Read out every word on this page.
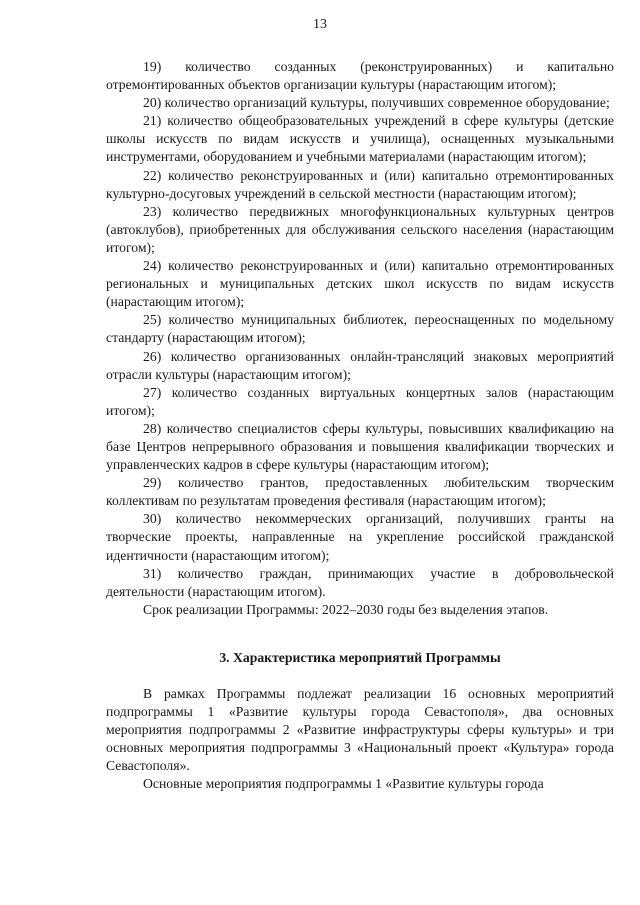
13

19) количество созданных (реконструированных) и капитально отремонтированных объектов организации культуры (нарастающим итогом);

20) количество организаций культуры, получивших современное оборудование;

21) количество общеобразовательных учреждений в сфере культуры (детские школы искусств по видам искусств и училища), оснащенных музыкальными инструментами, оборудованием и учебными материалами (нарастающим итогом);

22) количество реконструированных и (или) капитально отремонтированных культурно-досуговых учреждений в сельской местности (нарастающим итогом);

23) количество передвижных многофункциональных культурных центров (автоклубов), приобретенных для обслуживания сельского населения (нарастающим итогом);

24) количество реконструированных и (или) капитально отремонтированных региональных и муниципальных детских школ искусств по видам искусств (нарастающим итогом);

25) количество муниципальных библиотек, переоснащенных по модельному стандарту (нарастающим итогом);

26) количество организованных онлайн-трансляций знаковых мероприятий отрасли культуры (нарастающим итогом);

27) количество созданных виртуальных концертных залов (нарастающим итогом);

28) количество специалистов сферы культуры, повысивших квалификацию на базе Центров непрерывного образования и повышения квалификации творческих и управленческих кадров в сфере культуры (нарастающим итогом);

29) количество грантов, предоставленных любительским творческим коллективам по результатам проведения фестиваля (нарастающим итогом);

30) количество некоммерческих организаций, получивших гранты на творческие проекты, направленные на укрепление российской гражданской идентичности (нарастающим итогом);

31) количество граждан, принимающих участие в добровольческой деятельности (нарастающим итогом).

Срок реализации Программы: 2022–2030 годы без выделения этапов.

3. Характеристика мероприятий Программы

В рамках Программы подлежат реализации 16 основных мероприятий подпрограммы 1 «Развитие культуры города Севастополя», два основных мероприятия подпрограммы 2 «Развитие инфраструктуры сферы культуры» и три основных мероприятия подпрограммы 3 «Национальный проект «Культура» города Севастополя».

Основные мероприятия подпрограммы 1 «Развитие культуры города
